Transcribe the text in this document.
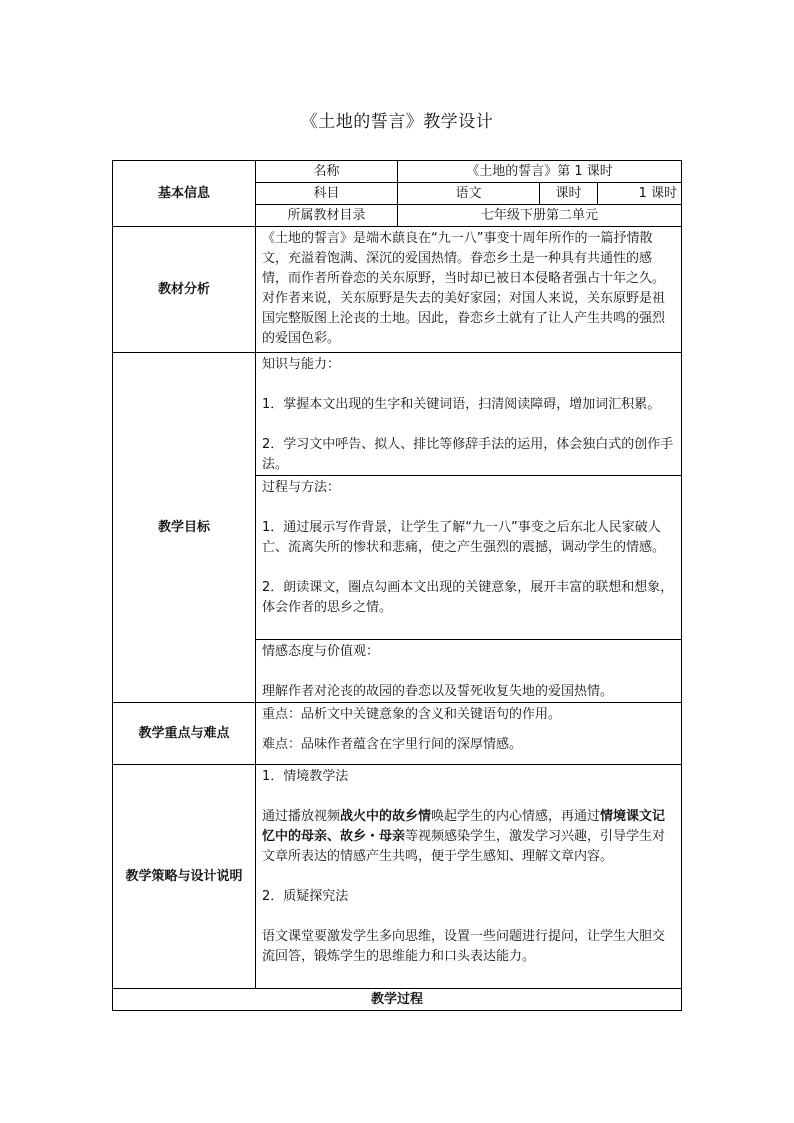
《土地的誓言》教学设计
基本信息	名称	《土地的誓言》第 1 课时		
	科目	语文	课时	1 课时
	所属教材目录	七年级下册第二单元		
教材分析	《土地的誓言》是端木蕻良在“九一八”事变十周年所作的一篇抒情散文，充溢着饱满、深沉的爱国热情。眷恋乡土是一种具有共通性的感情，而作者所眷恋的关东原野，当时却已被日本侵略者强占十年之久。对作者来说，关东原野是失去的美好家园；对国人来说，关东原野是祖国完整版图上沦丧的土地。因此，眷恋乡土就有了让人产生共鸣的强烈的爱国色彩。			
教学目标	知识与能力：

1．掌握本文出现的生字和关键词语，扫清阅读障碍，增加词汇积累。

2．学习文中呼告、拟人、排比等修辞手法的运用，体会独白式的创作手法。			

	过程与方法：

1．通过展示写作背景，让学生了解“九一八”事变之后东北人民家破人亡、流离失所的惨状和悲痛，使之产生强烈的震撼，调动学生的情感。

2．朗读课文，圈点勾画本文出现的关键意象，展开丰富的联想和想象，体会作者的思乡之情。			

	情感态度与价值观：

理解作者对沦丧的故园的眷恋以及誓死收复失地的爱国热情。			

教学重点与难点	重点：品析文中关键意象的含义和关键语句的作用。

难点：品味作者蕴含在字里行间的深厚情感。			

教学策略与设计说明	1．情境教学法

通过播放视频战火中的故乡情唤起学生的内心情感，再通过情境课文记忆中的母亲、故乡・母亲等视频感染学生，激发学习兴趣，引导学生对文章所表达的情感产生共鸣，便于学生感知、理解文章内容。

2．质疑探究法

语文课堂要激发学生多向思维，设置一些问题进行提问，让学生大胆交流回答，锻炼学生的思维能力和口头表达能力。			

教学过程				
